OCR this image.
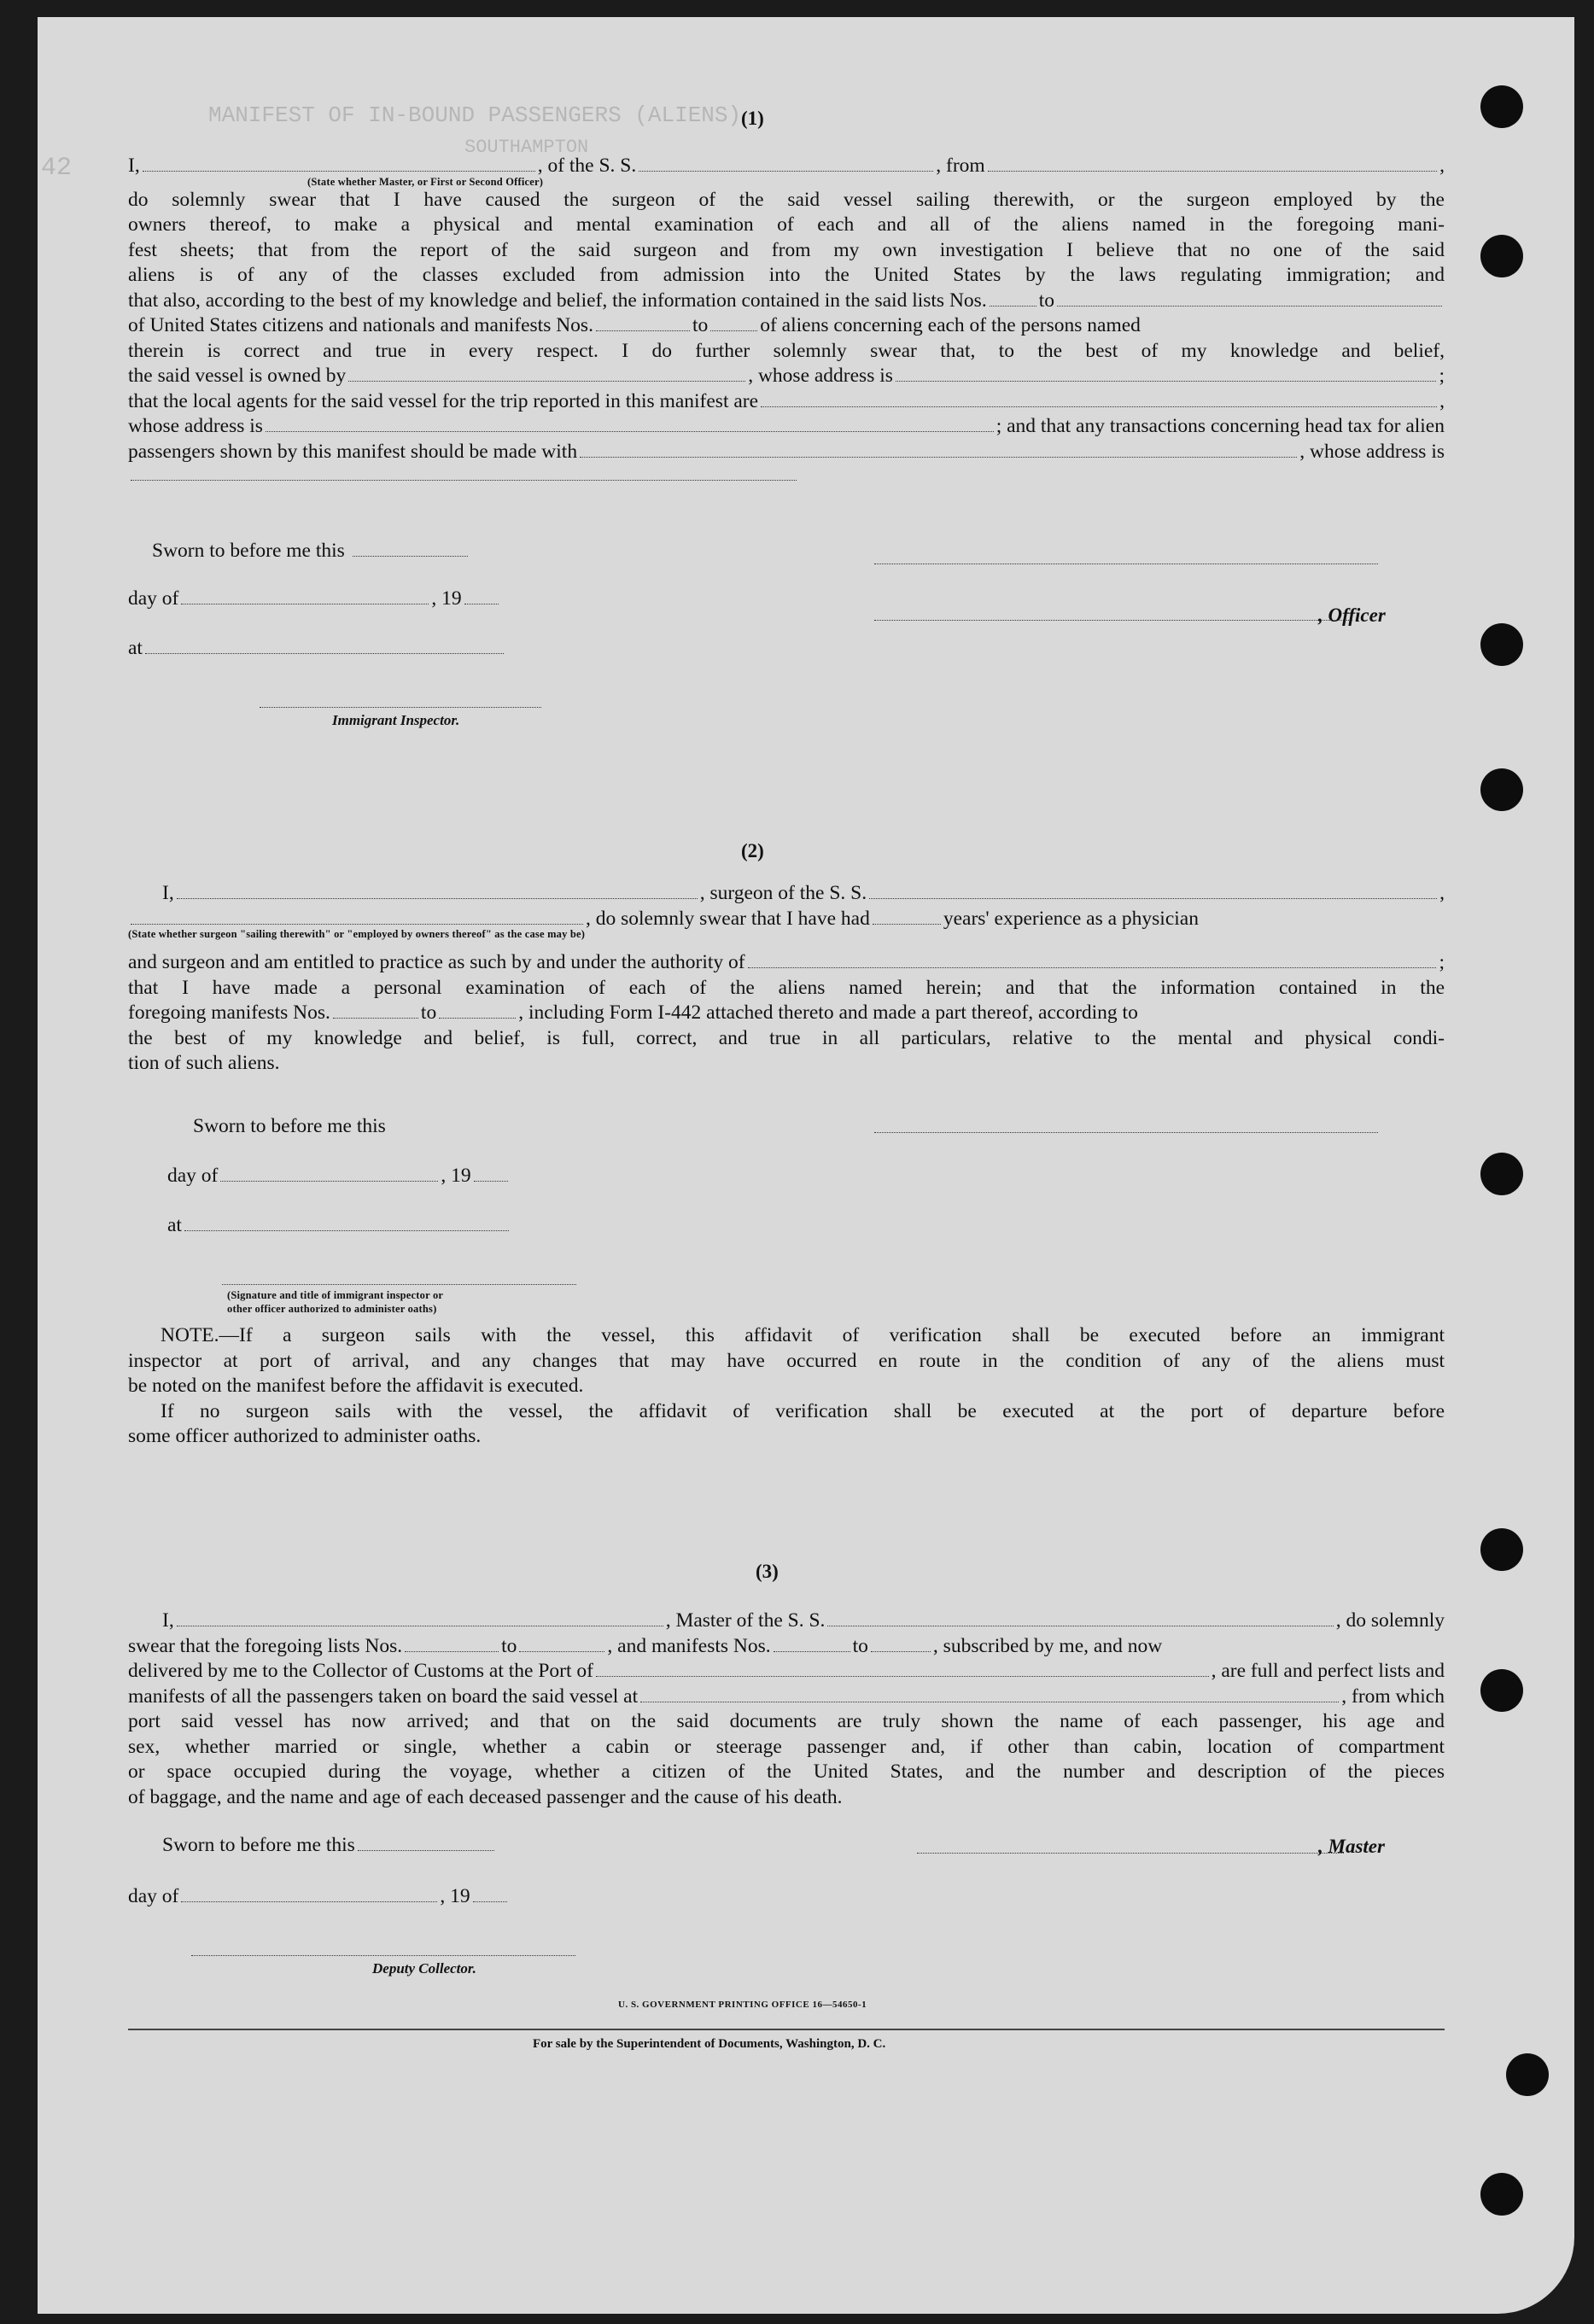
MANIFEST OF IN-BOUND PASSENGERS (ALIENS)
SOUTHAMPTON
42
(1)
I,	, of the S. S.	, from	,
(State whether Master, or First or Second Officer)

do solemnly swear that I have caused the surgeon of the said vessel sailing therewith, or the surgeon employed by the

owners thereof, to make a physical and mental examination of each and all of the aliens named in the foregoing mani-

fest sheets; that from the report of the said surgeon and from my own investigation I believe that no one of the said

aliens is of any of the classes excluded from admission into the United States by the laws regulating immigration; and

that also, according to the best of my knowledge and belief, the information contained in the said lists Nos.	to
of United States citizens and nationals and manifests Nos.	to	of aliens concerning each of the persons named

therein is correct and true in every respect. I do further solemnly swear that, to the best of my knowledge and belief,

the said vessel is owned by	, whose address is	;
that the local agents for the said vessel for the trip reported in this manifest are	,
whose address is	; and that any transactions concerning head tax for alien
passengers shown by this manifest should be made with	, whose address is
Sworn to before me this
day of	, 19
at
Immigrant Inspector.
, Officer
(2)
I,	, surgeon of the S. S.	,
, do solemnly swear that I have had	years' experience as a physician
(State whether surgeon "sailing therewith" or "employed by owners thereof" as the case may be)
and surgeon and am entitled to practice as such by and under the authority of	;

that I have made a personal examination of each of the aliens named herein; and that the information contained in the

foregoing manifests Nos.	to	, including Form I-442 attached thereto and made a part thereof, according to

the best of my knowledge and belief, is full, correct, and true in all particulars, relative to the mental and physical condi-

tion of such aliens.

Sworn to before me this
day of	, 19
at
(Signature and title of immigrant inspector or
other officer authorized to administer oaths)

NOTE.—If a surgeon sails with the vessel, this affidavit of verification shall be executed before an immigrant

inspector at port of arrival, and any changes that may have occurred en route in the condition of any of the aliens must

be noted on the manifest before the affidavit is executed.

If no surgeon sails with the vessel, the affidavit of verification shall be executed at the port of departure before

some officer authorized to administer oaths.

(3)
I,	, Master of the S. S.	, do solemnly
swear that the foregoing lists Nos.	to	, and manifests Nos.	to	, subscribed by me, and now
delivered by me to the Collector of Customs at the Port of	, are full and perfect lists and
manifests of all the passengers taken on board the said vessel at	, from which

port said vessel has now arrived; and that on the said documents are truly shown the name of each passenger, his age and

sex, whether married or single, whether a cabin or steerage passenger and, if other than cabin, location of compartment

or space occupied during the voyage, whether a citizen of the United States, and the number and description of the pieces

of baggage, and the name and age of each deceased passenger and the cause of his death.

Sworn to before me this	, Master
day of	, 19
Deputy Collector.
U. S. GOVERNMENT PRINTING OFFICE 16—54650-1
For sale by the Superintendent of Documents, Washington, D. C.
